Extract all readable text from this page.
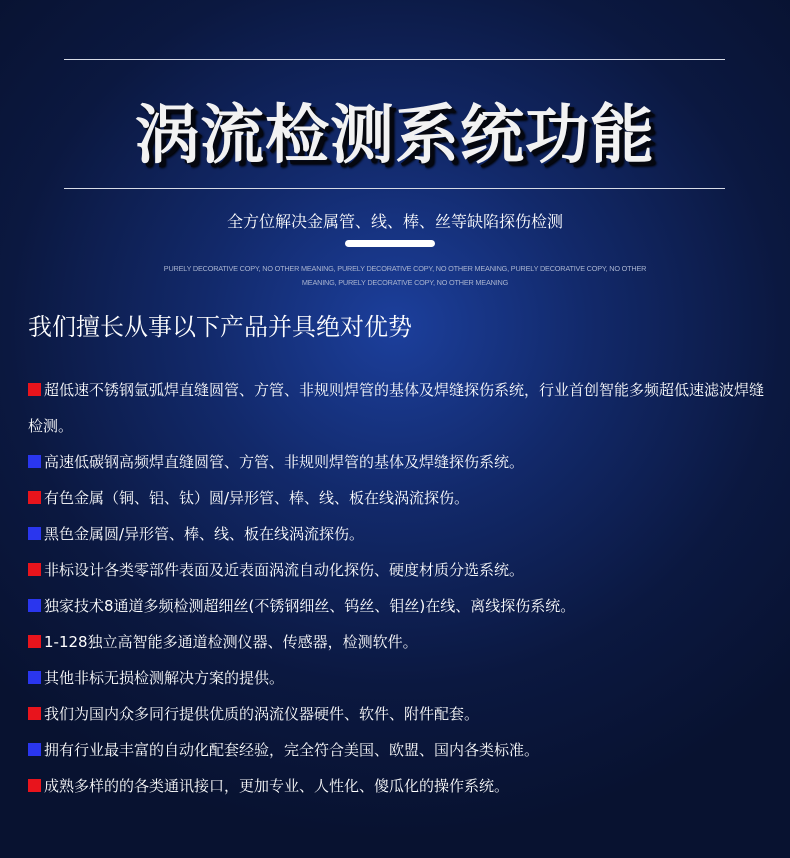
涡流检测系统功能
全方位解决金属管、线、棒、丝等缺陷探伤检测
PURELY DECORATIVE COPY, NO OTHER MEANING, PURELY DECORATIVE COPY, NO OTHER MEANING, PURELY DECORATIVE COPY, NO OTHER MEANING, PURELY DECORATIVE COPY, NO OTHER MEANING
我们擅长从事以下产品并具绝对优势
超低速不锈钢氩弧焊直缝圆管、方管、非规则焊管的基体及焊缝探伤系统，行业首创智能多频超低速滤波焊缝检测。
高速低碳钢高频焊直缝圆管、方管、非规则焊管的基体及焊缝探伤系统。
有色金属（铜、铝、钛）圆/异形管、棒、线、板在线涡流探伤。
黑色金属圆/异形管、棒、线、板在线涡流探伤。
非标设计各类零部件表面及近表面涡流自动化探伤、硬度材质分选系统。
独家技术8通道多频检测超细丝(不锈钢细丝、钨丝、钼丝)在线、离线探伤系统。
1-128独立高智能多通道检测仪器、传感器，检测软件。
其他非标无损检测解决方案的提供。
我们为国内众多同行提供优质的涡流仪器硬件、软件、附件配套。
拥有行业最丰富的自动化配套经验，完全符合美国、欧盟、国内各类标准。
成熟多样的的各类通讯接口，更加专业、人性化、傻瓜化的操作系统。
